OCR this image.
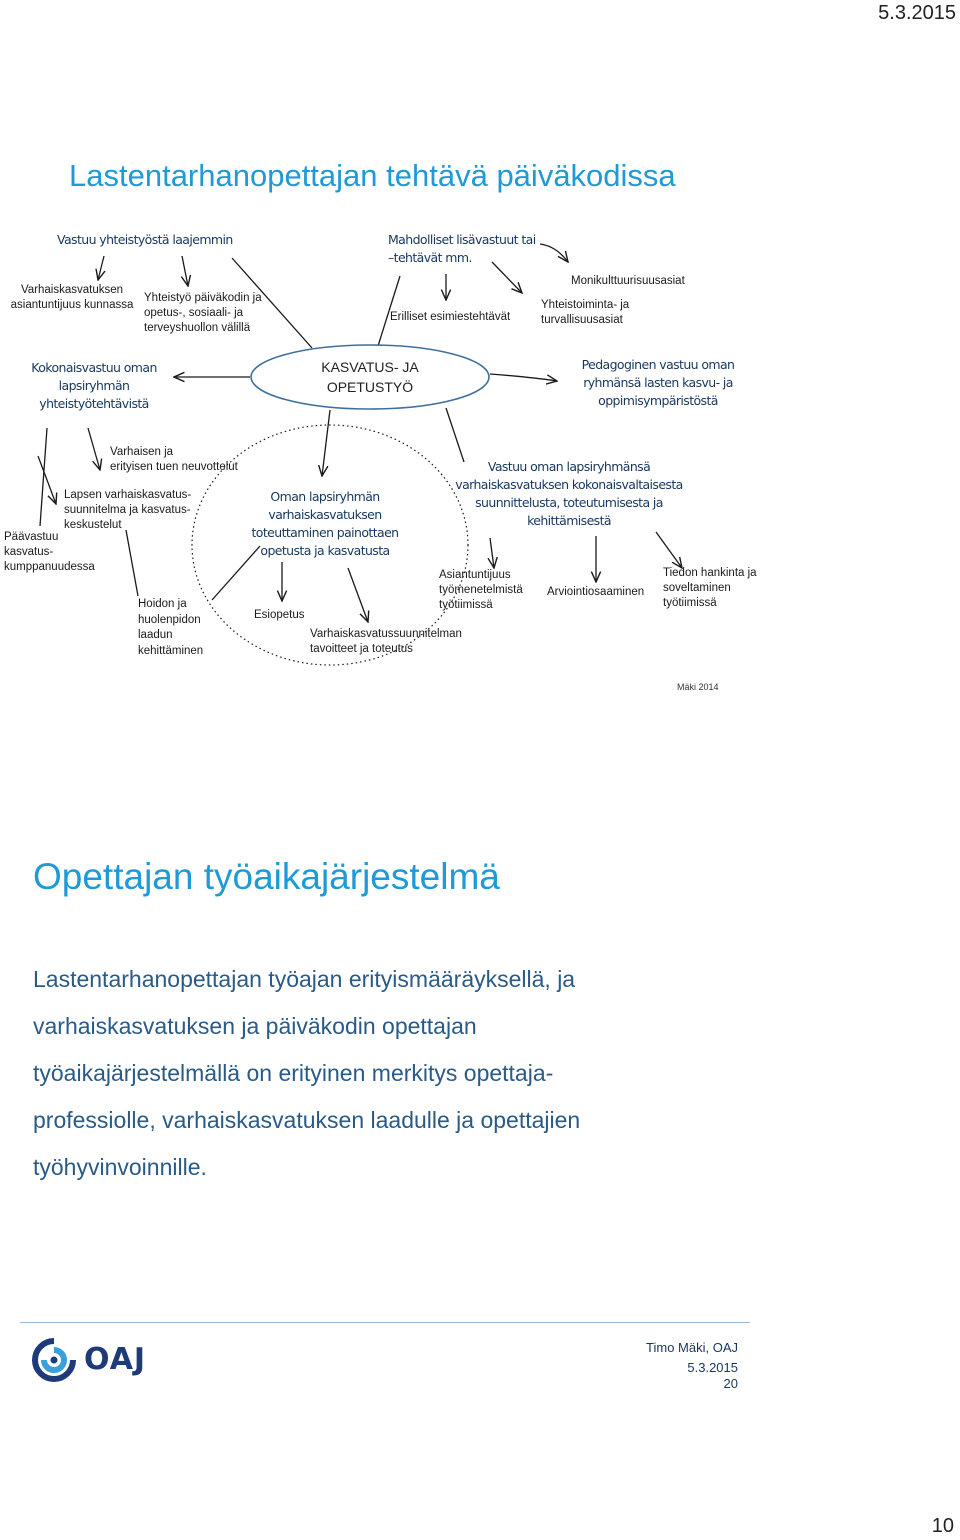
5.3.2015
10
Lastentarhanopettajan tehtävä päiväkodissa
KASVATUS- JA
OPETUSTYÖ
Vastuu yhteistyöstä laajemmin
Varhaiskasvatuksen
asiantuntijuus kunnassa
Yhteistyö päiväkodin ja
opetus-, sosiaali- ja
terveyshuollon välillä
Mahdolliset lisävastuut tai
–tehtävät mm.
Erilliset esimiestehtävät
Monikulttuurisuusasiat
Yhteistoiminta- ja
turvallisuusasiat
Kokonaisvastuu oman
lapsiryhmän
yhteistyötehtävistä
Pedagoginen vastuu oman
ryhmänsä lasten kasvu- ja
oppimisympäristöstä
Varhaisen ja
erityisen tuen neuvottelut
Lapsen varhaiskasvatus-
suunnitelma ja kasvatus-
keskustelut
Päävastuu
kasvatus-
kumppanuudessa
Hoidon ja
huolenpidon
laadun
kehittäminen
Oman lapsiryhmän
varhaiskasvatuksen
toteuttaminen painottaen
opetusta ja kasvatusta
Esiopetus
Varhaiskasvatussuunnitelman
tavoitteet ja toteutus
Vastuu oman lapsiryhmänsä
varhaiskasvatuksen kokonaisvaltaisesta
suunnittelusta, toteutumisesta ja
kehittämisestä
Asiantuntijuus
työmenetelmistä
työtiimissä
Arviointiosaaminen
Tiedon hankinta ja
soveltaminen
työtiimissä
Mäki 2014
Opettajan työaikajärjestelmä
Lastentarhanopettajan työajan erityismääräyksellä, ja
varhaiskasvatuksen ja päiväkodin opettajan
työaikajärjestelmällä on erityinen merkitys opettaja-
professiolle, varhaiskasvatuksen laadulle ja opettajien
työhyvinvoinnille.
OAJ	Timo Mäki, OAJ
5.3.2015
20
